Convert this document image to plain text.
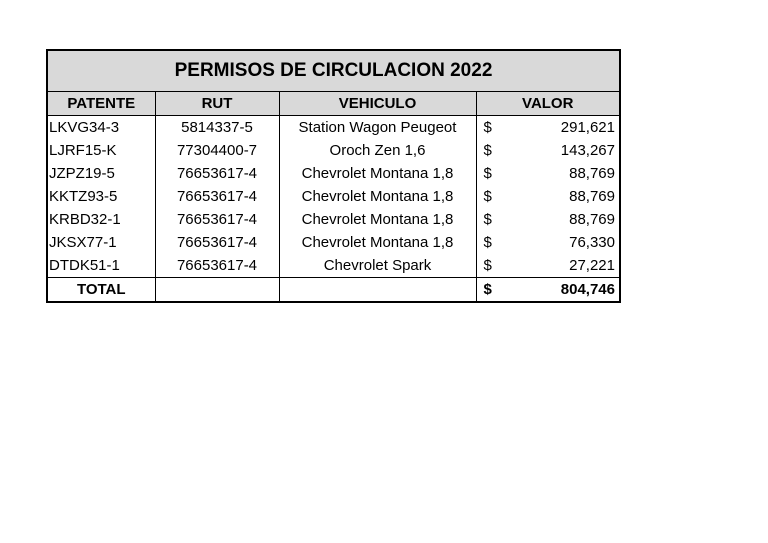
PERMISOS DE CIRCULACION 2022				
PATENTE	RUT	VEHICULO	VALOR	
LKVG34-3	5814337-5	Station Wagon Peugeot	$	291,621
LJRF15-K	77304400-7	Oroch Zen 1,6	$	143,267
JZPZ19-5	76653617-4	Chevrolet Montana 1,8	$	88,769
KKTZ93-5	76653617-4	Chevrolet Montana 1,8	$	88,769
KRBD32-1	76653617-4	Chevrolet Montana 1,8	$	88,769
JKSX77-1	76653617-4	Chevrolet Montana 1,8	$	76,330
DTDK51-1	76653617-4	Chevrolet Spark	$	27,221
TOTAL			$	804,746
